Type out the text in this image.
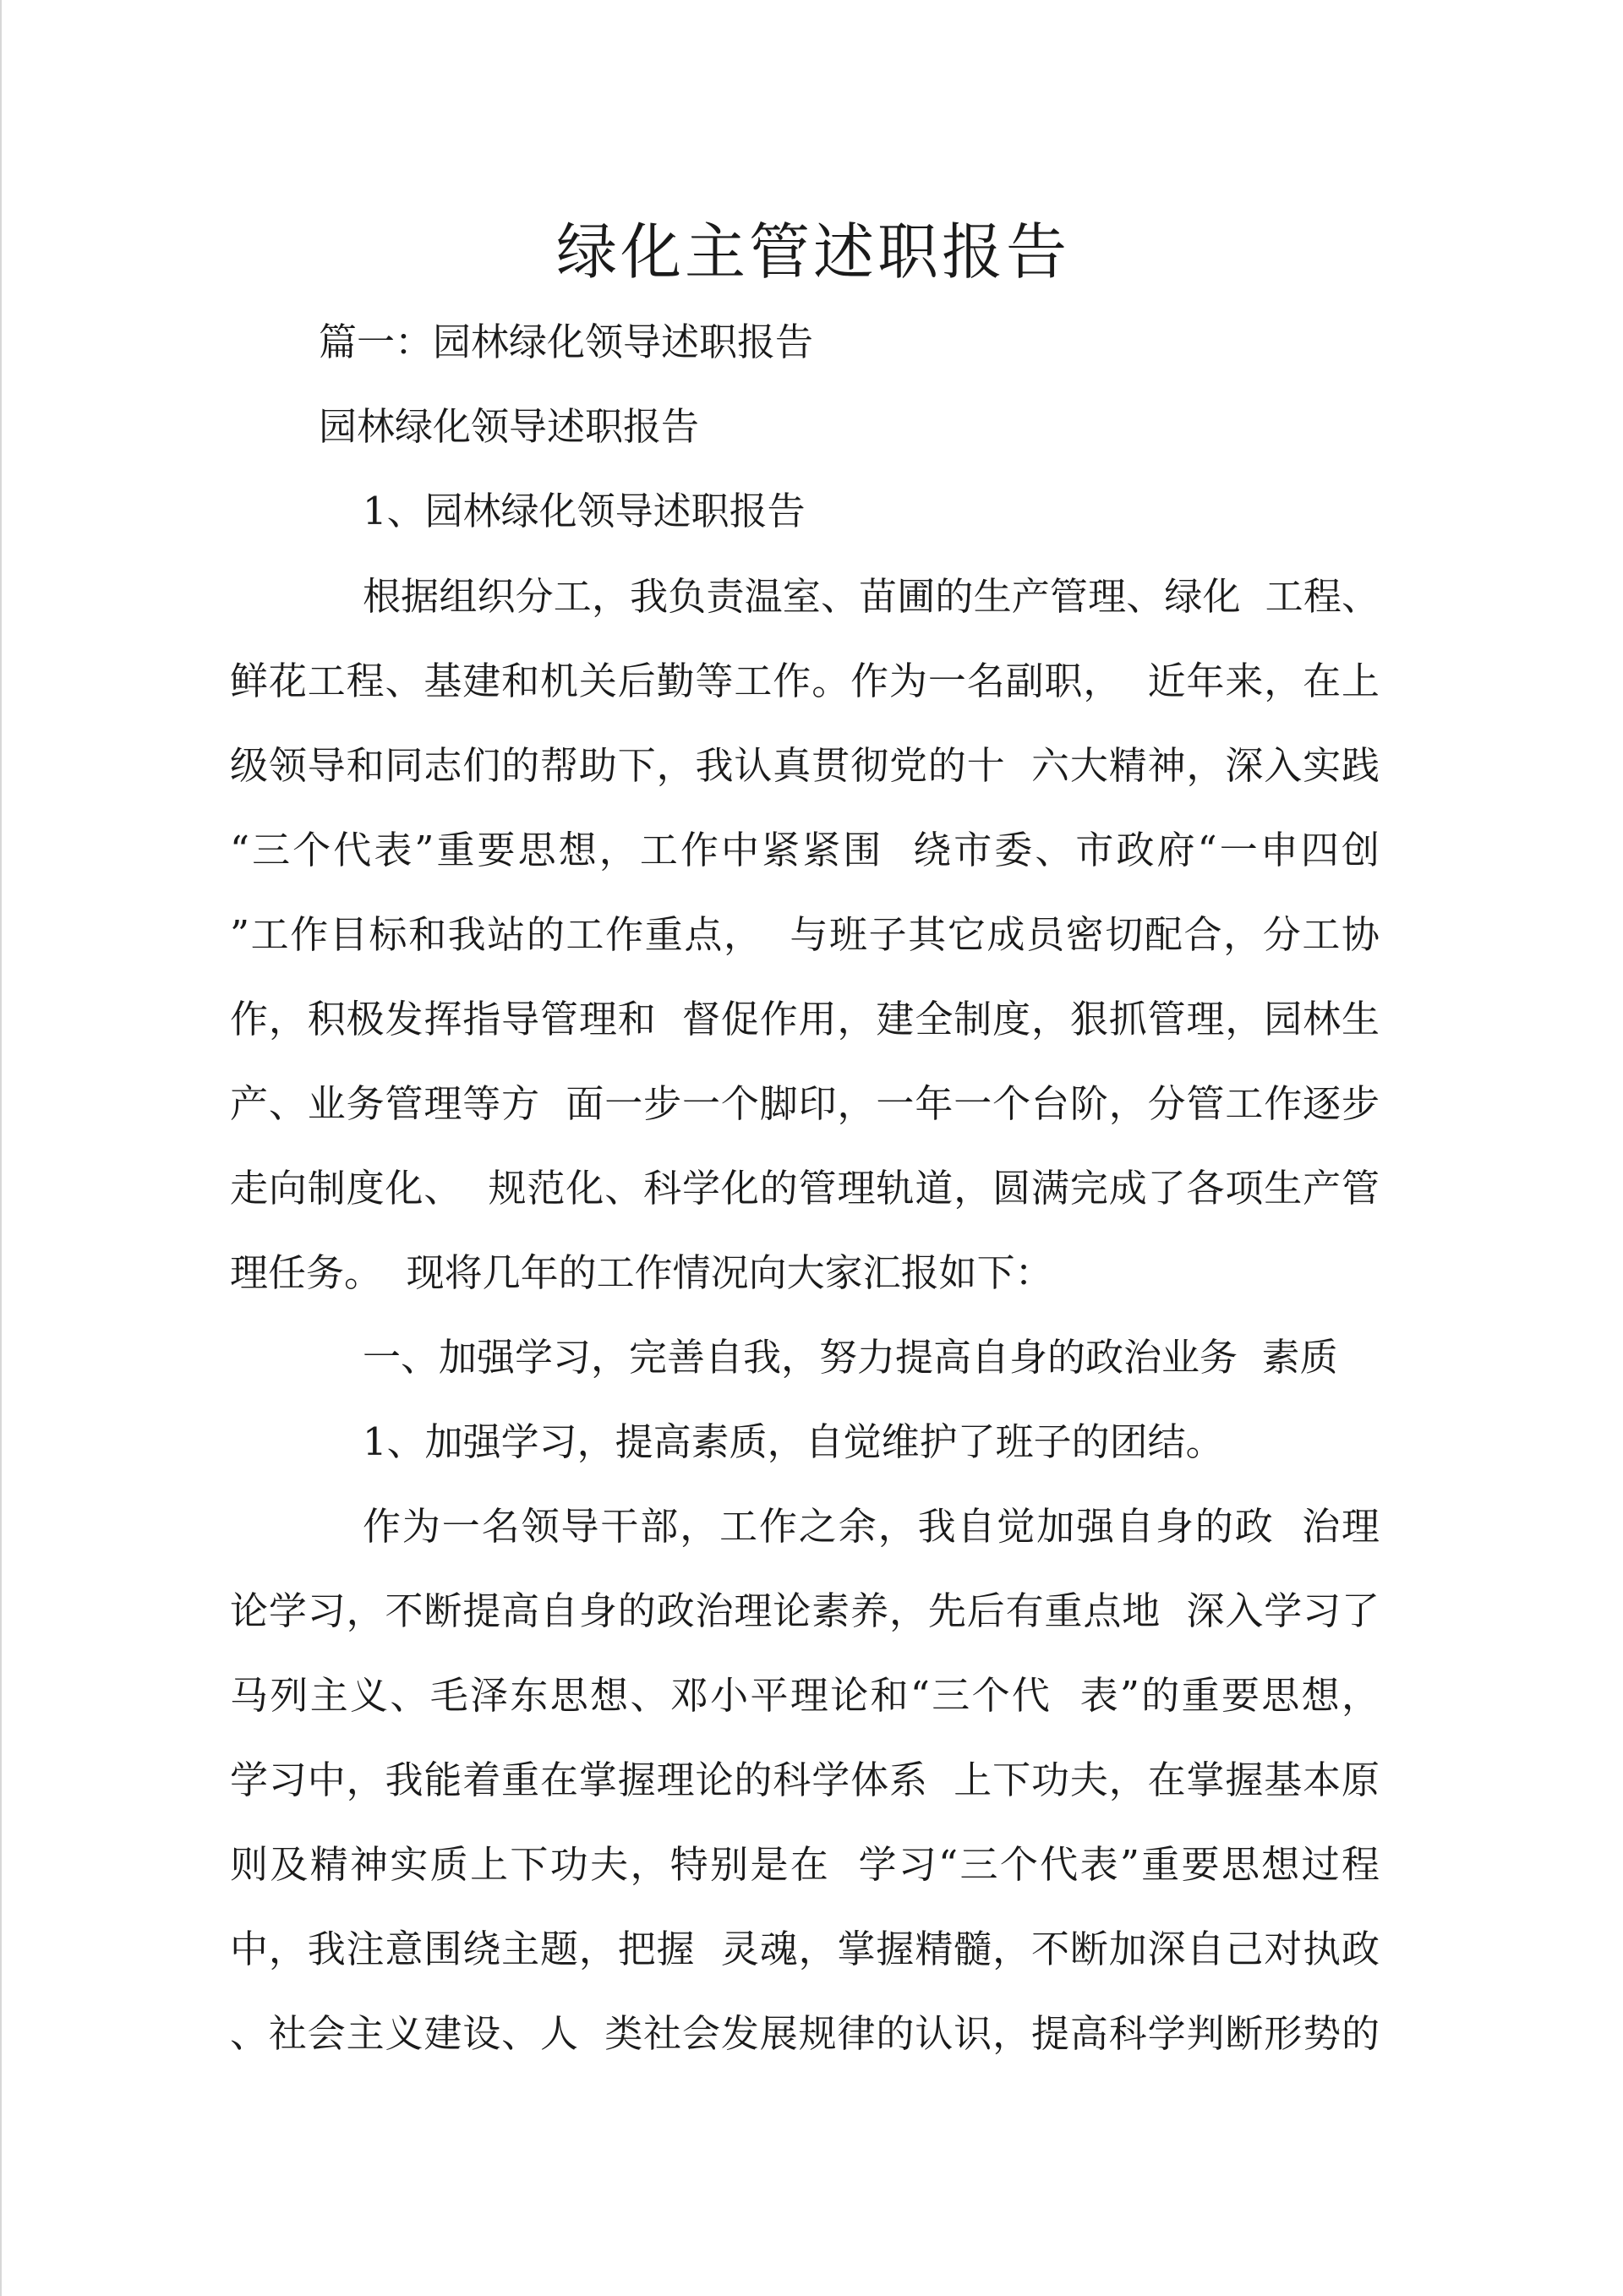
绿化主管述职报告

篇一：园林绿化领导述职报告

园林绿化领导述职报告

1、园林绿化领导述职报告

根据组织分工，我负责温室、苗圃的生产管理、绿化  工程、

鲜花工程、基建和机关后勤等工作。作为一名副职，  近年来，在上

级领导和同志们的帮助下，我认真贯彻党的十  六大精神，深入实践

“三个代表”重要思想，工作中紧紧围  绕市委、市政府“一申四创

”工作目标和我站的工作重点，  与班子其它成员密切配合，分工协

作，积极发挥指导管理和  督促作用，建全制度，狠抓管理，园林生

产、业务管理等方  面一步一个脚印，一年一个台阶，分管工作逐步

走向制度化、  规范化、科学化的管理轨道，圆满完成了各项生产管

理任务。  现将几年的工作情况向大家汇报如下：

一、加强学习，完善自我，努力提高自身的政治业务  素质

1、加强学习，提高素质，自觉维护了班子的团结。

作为一名领导干部，工作之余，我自觉加强自身的政  治理

论学习，不断提高自身的政治理论素养，先后有重点地  深入学习了

马列主义、毛泽东思想、邓小平理论和“三个代  表”的重要思想，

学习中，我能着重在掌握理论的科学体系  上下功夫，在掌握基本原

则及精神实质上下功夫，特别是在  学习“三个代表”重要思想过程

中，我注意围绕主题，把握  灵魂，掌握精髓，不断加深自己对执政

、社会主义建设、人  类社会发展规律的认识，提高科学判断形势的
